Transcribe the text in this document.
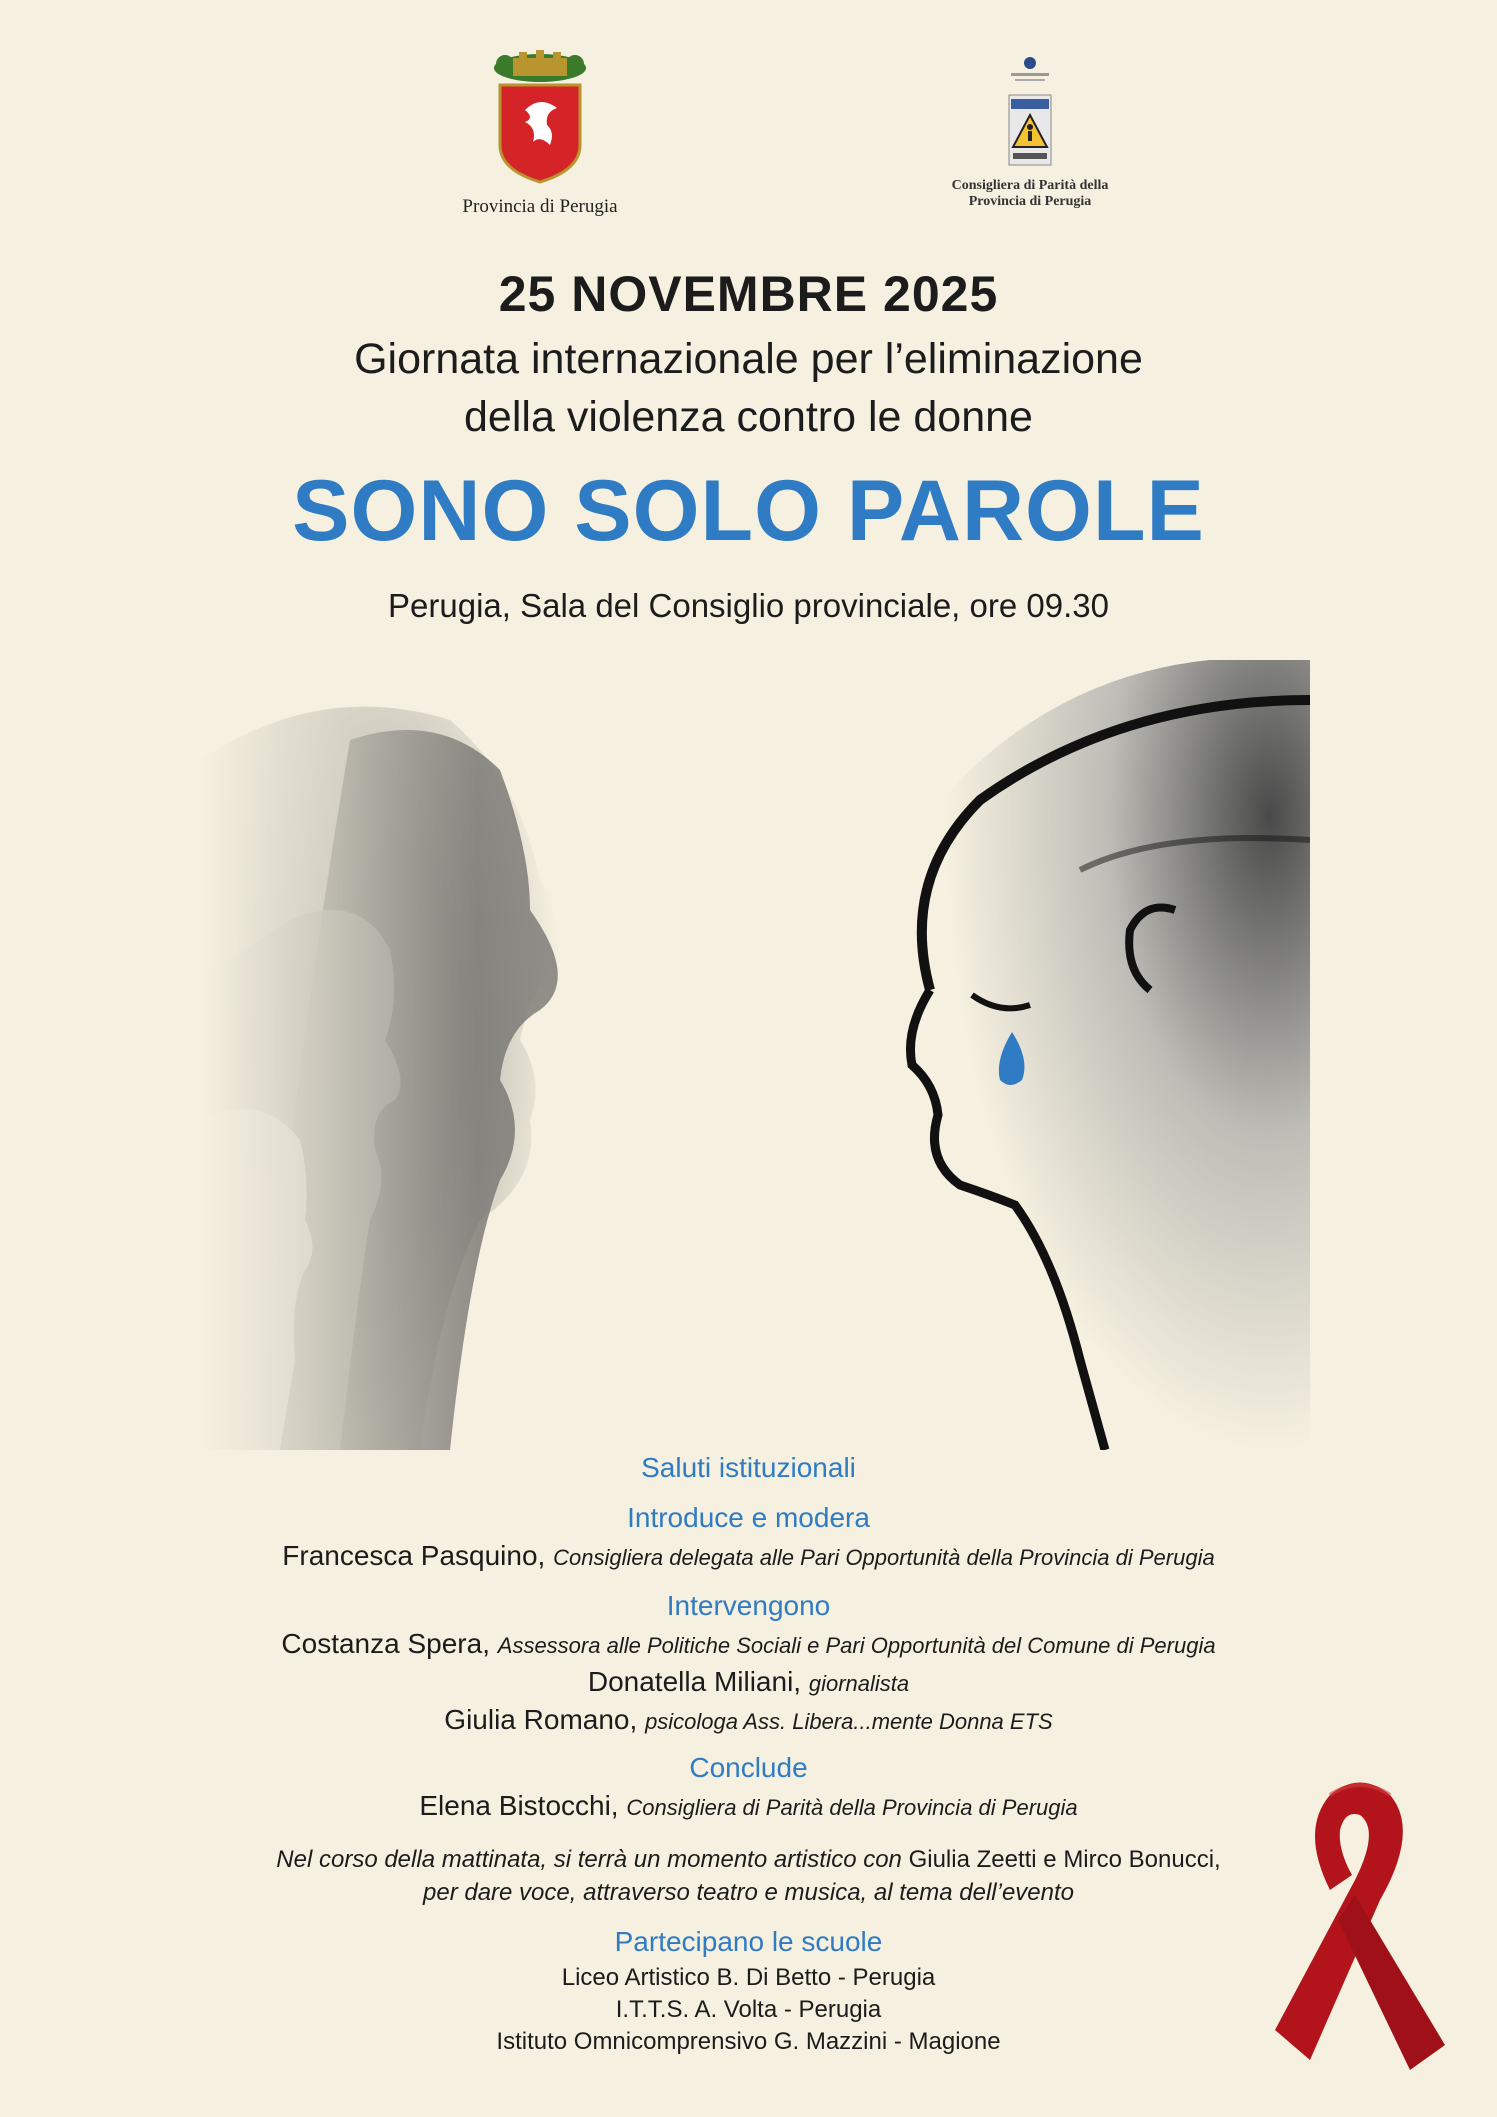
Provincia di Perugia
Consigliera di Parità della
Provincia di Perugia
25 NOVEMBRE 2025
Giornata internazionale per l’eliminazione
della violenza contro le donne
SONO SOLO PAROLE
Perugia, Sala del Consiglio provinciale, ore 09.30
Saluti istituzionali
Introduce e modera
Francesca Pasquino, Consigliera delegata alle Pari Opportunità della Provincia di Perugia
Intervengono
Costanza Spera, Assessora alle Politiche Sociali e Pari Opportunità del Comune di Perugia
Donatella Miliani, giornalista
Giulia Romano, psicologa Ass. Libera...mente Donna ETS
Conclude
Elena Bistocchi, Consigliera di Parità della Provincia di Perugia
Nel corso della mattinata, si terrà un momento artistico con Giulia Zeetti e Mirco Bonucci,
per dare voce, attraverso teatro e musica, al tema dell’evento
Partecipano le scuole
Liceo Artistico B. Di Betto - Perugia
I.T.T.S. A. Volta - Perugia
Istituto Omnicomprensivo G. Mazzini - Magione
